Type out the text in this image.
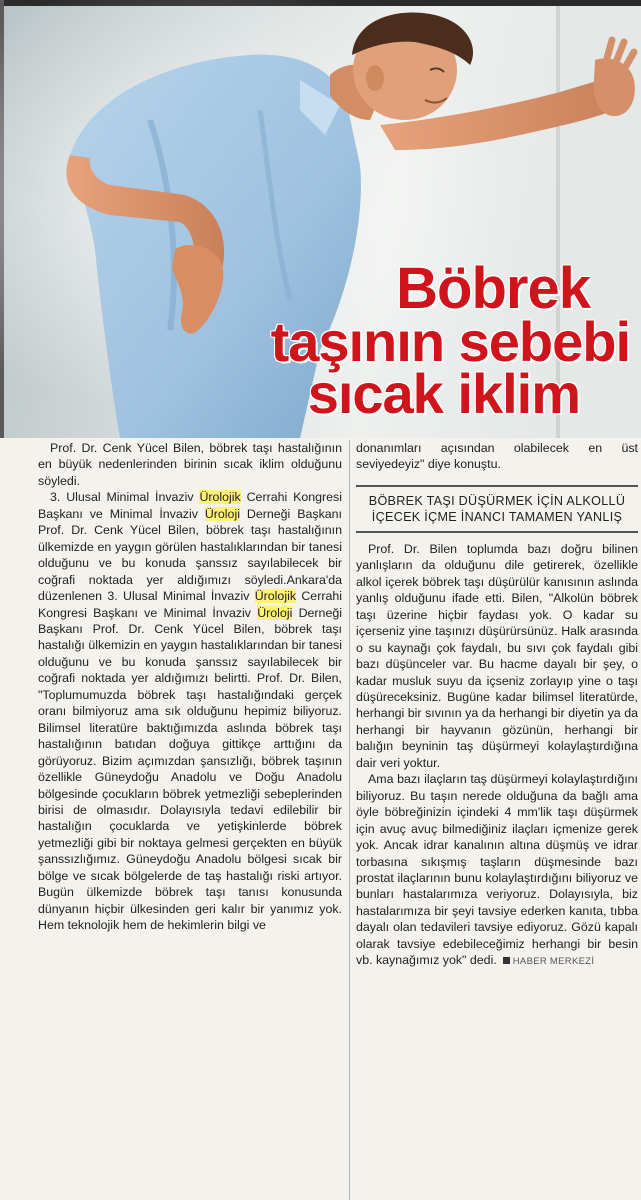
Böbrek
taşının sebebi
sıcak iklim

Prof. Dr. Cenk Yücel Bilen, böbrek taşı hastalığının en büyük nedenlerinden birinin sıcak iklim olduğunu söyledi.

3. Ulusal Minimal İnvaziv Ürolojik Cerrahi Kongresi Başkanı ve Minimal İnvaziv Üroloji Derneği Başkanı Prof. Dr. Cenk Yücel Bilen, böbrek taşı hastalığının ülkemizde en yaygın görülen hastalıklarından bir tanesi olduğunu ve bu konuda şanssız sayılabilecek bir coğrafi noktada yer aldığımızı söyledi.Ankara'da düzenlenen 3. Ulusal Minimal İnvaziv Ürolojik Cerrahi Kongresi Başkanı ve Minimal İnvaziv Üroloji Derneği Başkanı Prof. Dr. Cenk Yücel Bilen, böbrek taşı hastalığı ülkemizin en yaygın hastalıklarından bir tanesi olduğunu ve bu konuda şanssız sayılabilecek bir coğrafi noktada yer aldığımızı belirtti. Prof. Dr. Bilen, "Toplumumuzda böbrek taşı hastalığındaki gerçek oranı bilmiyoruz ama sık olduğunu hepimiz biliyoruz. Bilimsel literatüre baktığımızda aslında böbrek taşı hastalığının batıdan doğuya gittikçe arttığını da görüyoruz. Bizim açımızdan şansızlığı, böbrek taşının özellikle Güneydoğu Anadolu ve Doğu Anadolu bölgesinde çocukların böbrek yetmezliği sebeplerinden birisi de olmasıdır. Dolayısıyla tedavi edilebilir bir hastalığın çocuklarda ve yetişkinlerde böbrek yetmezliği gibi bir noktaya gelmesi gerçekten en büyük şanssızlığımız. Güneydoğu Anadolu bölgesi sıcak bir bölge ve sıcak bölgelerde de taş hastalığı riski artıyor. Bugün ülkemizde böbrek taşı tanısı konusunda dünyanın hiçbir ülkesinden geri kalır bir yanımız yok. Hem teknolojik hem de hekimlerin bilgi ve

donanımları açısından olabilecek en üst seviyedeyiz" diye konuştu.

BÖBREK TAŞI DÜŞÜRMEK İÇİN ALKOLLÜ İÇECEK İÇME İNANCI TAMAMEN YANLIŞ

Prof. Dr. Bilen toplumda bazı doğru bilinen yanlışların da olduğunu dile getirerek, özellikle alkol içerek böbrek taşı düşürülür kanısının aslında yanlış olduğunu ifade etti. Bilen, "Alkolün böbrek taşı üzerine hiçbir faydası yok. O kadar su içerseniz yine taşınızı düşürürsünüz. Halk arasında o su kaynağı çok faydalı, bu sıvı çok faydalı gibi bazı düşünceler var. Bu hacme dayalı bir şey, o kadar musluk suyu da içseniz zorlayıp yine o taşı düşüreceksiniz. Bugüne kadar bilimsel literatürde, herhangi bir sıvının ya da herhangi bir diyetin ya da herhangi bir hayvanın gözünün, herhangi bir balığın beyninin taş düşürmeyi kolaylaştırdığına dair veri yoktur.

Ama bazı ilaçların taş düşürmeyi kolaylaştırdığını biliyoruz. Bu taşın nerede olduğuna da bağlı ama öyle böbreğinizin içindeki 4 mm'lik taşı düşürmek için avuç avuç bilmediğiniz ilaçları içmenize gerek yok. Ancak idrar kanalının altına düşmüş ve idrar torbasına sıkışmış taşların düşmesinde bazı prostat ilaçlarının bunu kolaylaştırdığını biliyoruz ve bunları hastalarımıza veriyoruz. Dolayısıyla, biz hastalarımıza bir şeyi tavsiye ederken kanıta, tıbba dayalı olan tedavileri tavsiye ediyoruz. Gözü kapalı olarak tavsiye edebileceğimiz herhangi bir besin vb. kaynağımız yok" dedi. HABER MERKEZİ
